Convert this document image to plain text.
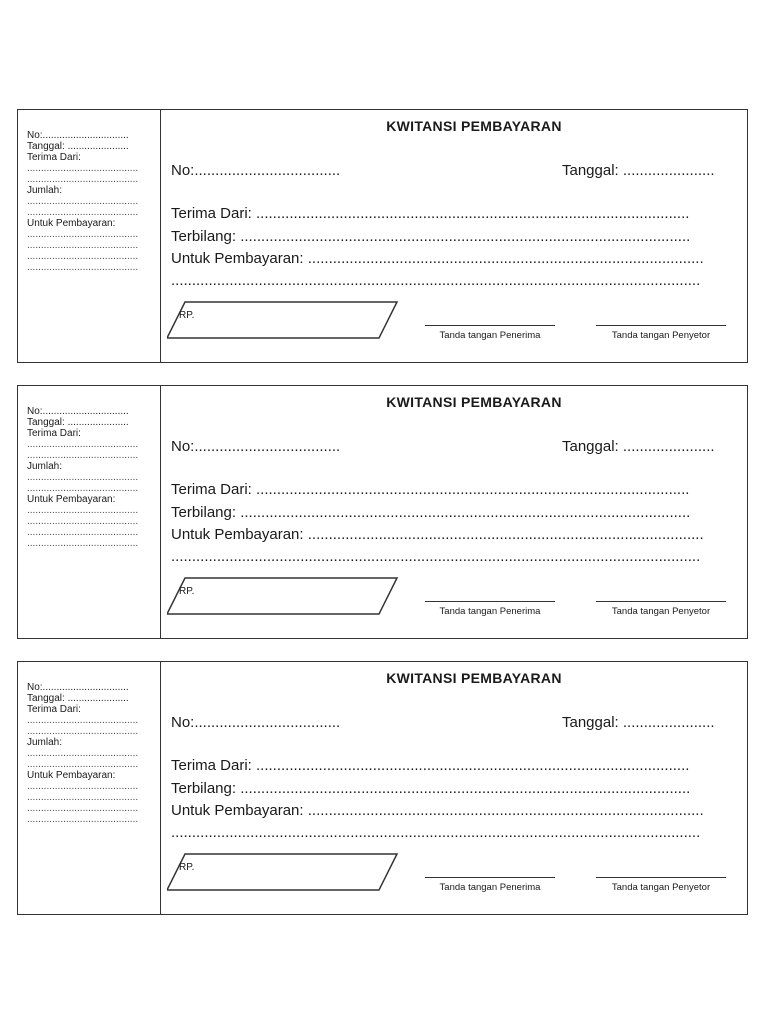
No:...............................
Tanggal: ......................
Terima Dari:
........................................
........................................
Jumlah:
........................................
........................................
Untuk Pembayaran:
........................................
........................................
........................................
........................................
KWITANSI PEMBAYARAN
No:...................................	Tanggal: ......................
Terima Dari: ........................................................................................................
Terbilang: ............................................................................................................
Untuk Pembayaran: ...............................................................................................
...............................................................................................................................
RP.
Tanda tangan Penerima	Tanda tangan Penyetor
No:...............................
Tanggal: ......................
Terima Dari:
........................................
........................................
Jumlah:
........................................
........................................
Untuk Pembayaran:
........................................
........................................
........................................
........................................
KWITANSI PEMBAYARAN
No:...................................	Tanggal: ......................
Terima Dari: ........................................................................................................
Terbilang: ............................................................................................................
Untuk Pembayaran: ...............................................................................................
...............................................................................................................................
RP.
Tanda tangan Penerima	Tanda tangan Penyetor
No:...............................
Tanggal: ......................
Terima Dari:
........................................
........................................
Jumlah:
........................................
........................................
Untuk Pembayaran:
........................................
........................................
........................................
........................................
KWITANSI PEMBAYARAN
No:...................................	Tanggal: ......................
Terima Dari: ........................................................................................................
Terbilang: ............................................................................................................
Untuk Pembayaran: ...............................................................................................
...............................................................................................................................
RP.
Tanda tangan Penerima	Tanda tangan Penyetor
